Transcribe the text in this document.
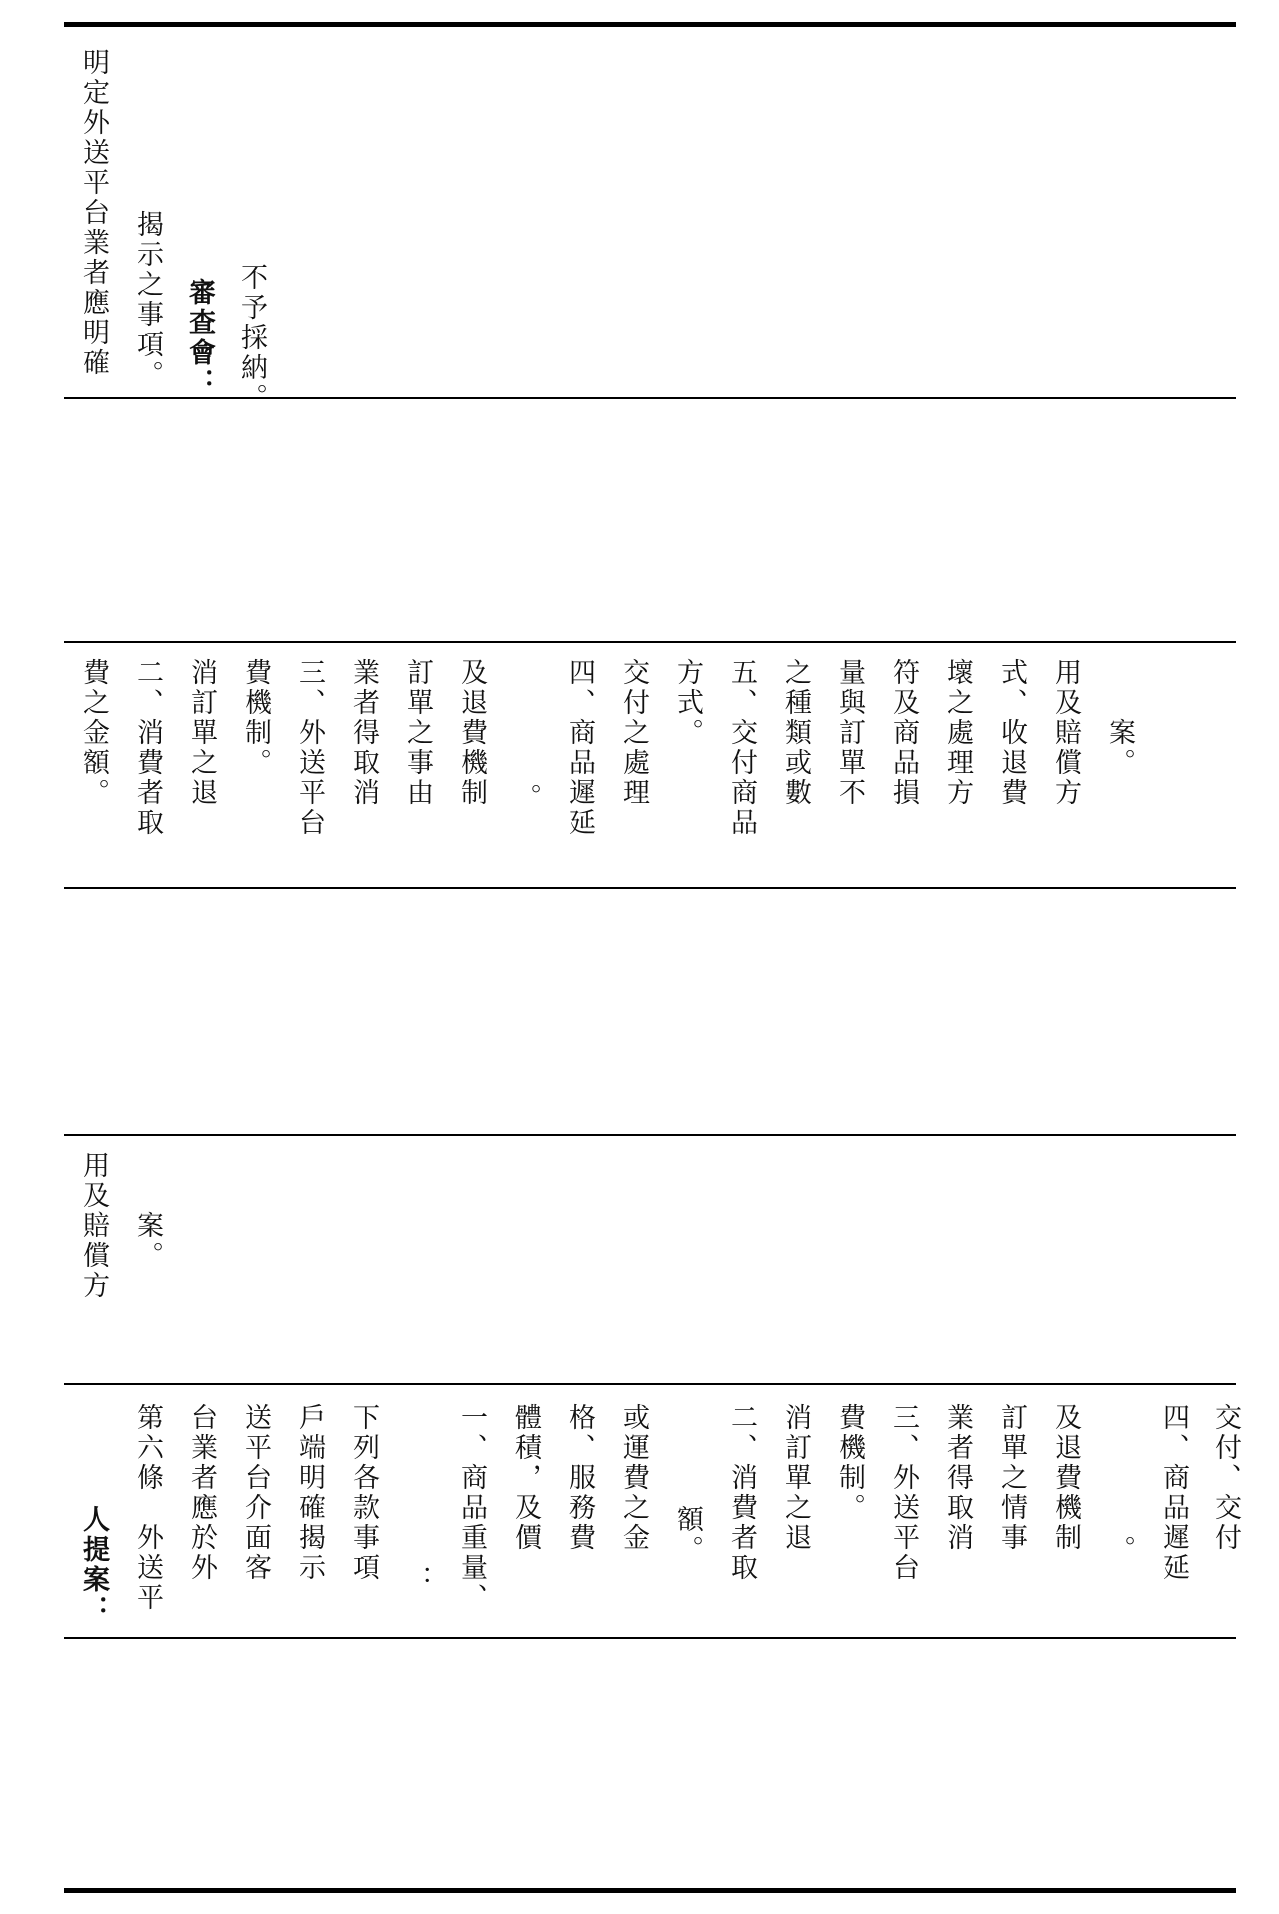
明定外送平台業者應明確 揭示之事項。 審查會： 不予採納。
費之金額。 二、消費者取 消訂單之退 費機制。 三、外送平台 業者得取消 訂單之事由 及退費機制 。 四、商品遲延 交付之處理 方式。 五、交付商品 之種類或數 量與訂單不 符及商品損 壞之處理方 式、收退費 用及賠償方 案。
用及賠償方 案。
人提案： 第六條　外送平 台業者應於外 送平台介面客 戶端明確揭示 下列各款事項 ： 一、商品重量、 體積，及價 格、服務費 或運費之金 額。 二、消費者取 消訂單之退 費機制。 三、外送平台 業者得取消 訂單之情事 及退費機制 。 四、商品遲延 交付、交付
